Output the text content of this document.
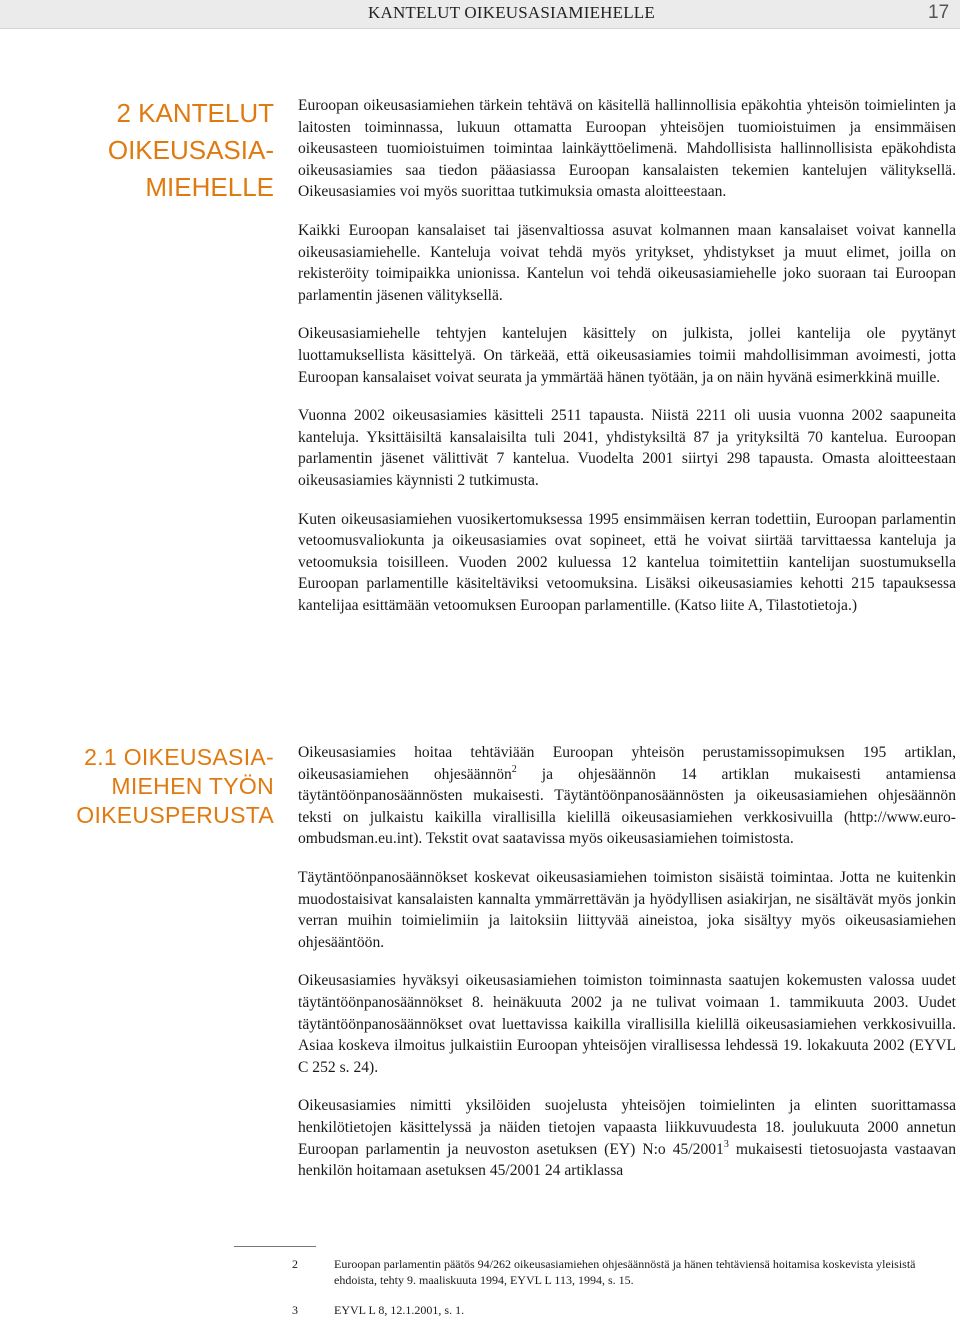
KANTELUT OIKEUSASIAMIEHELLE	17
2 KANTELUT
OIKEUSASIA-
MIEHELLE

Euroopan oikeusasiamiehen tärkein tehtävä on käsitellä hallinnollisia epäkohtia yhteisön toimielinten ja laitosten toiminnassa, lukuun ottamatta Euroopan yhteisöjen tuomioistuimen ja ensimmäisen oikeusasteen tuomioistuimen toimintaa lainkäyttöelimenä. Mahdollisista hallinnollisista epäkohdista oikeusasiamies saa tiedon pääasiassa Euroopan kansalaisten tekemien kantelujen välityksellä. Oikeusasiamies voi myös suorittaa tutkimuksia omasta aloitteestaan.

Kaikki Euroopan kansalaiset tai jäsenvaltiossa asuvat kolmannen maan kansalaiset voivat kannella oikeusasiamiehelle. Kanteluja voivat tehdä myös yritykset, yhdistykset ja muut elimet, joilla on rekisteröity toimipaikka unionissa. Kantelun voi tehdä oikeusasiamiehelle joko suoraan tai Euroopan parlamentin jäsenen välityksellä.

Oikeusasiamiehelle tehtyjen kantelujen käsittely on julkista, jollei kantelija ole pyytänyt luottamuksellista käsittelyä. On tärkeää, että oikeusasiamies toimii mahdollisimman avoimesti, jotta Euroopan kansalaiset voivat seurata ja ymmärtää hänen työtään, ja on näin hyvänä esimerkkinä muille.

Vuonna 2002 oikeusasiamies käsitteli 2511 tapausta. Niistä 2211 oli uusia vuonna 2002 saapuneita kanteluja. Yksittäisiltä kansalaisilta tuli 2041, yhdistyksiltä 87 ja yrityksiltä 70 kantelua. Euroopan parlamentin jäsenet välittivät 7 kantelua. Vuodelta 2001 siirtyi 298 tapausta. Omasta aloitteestaan oikeusasiamies käynnisti 2 tutkimusta.

Kuten oikeusasiamiehen vuosikertomuksessa 1995 ensimmäisen kerran todettiin, Euroopan parlamentin vetoomusvaliokunta ja oikeusasiamies ovat sopineet, että he voivat siirtää tarvittaessa kanteluja ja vetoomuksia toisilleen. Vuoden 2002 kuluessa 12 kantelua toimitettiin kantelijan suostumuksella Euroopan parlamentille käsiteltäviksi vetoomuksina. Lisäksi oikeusasiamies kehotti 215 tapauksessa kantelijaa esittämään vetoomuksen Euroopan parlamentille. (Katso liite A, Tilastotietoja.)

2.1 OIKEUSASIA-
MIEHEN TYÖN
OIKEUSPERUSTA

Oikeusasiamies hoitaa tehtäviään Euroopan yhteisön perustamissopimuksen 195 artiklan, oikeusasiamiehen ohjesäännön$^2$ ja ohjesäännön 14 artiklan mukaisesti antamiensa täytäntöönpanosäännösten mukaisesti. Täytäntöönpanosäännösten ja oikeusasiamiehen ohjesäännön teksti on julkaistu kaikilla virallisilla kielillä oikeusasiamiehen verkkosivuilla (http://www.euro-ombudsman.eu.int). Tekstit ovat saatavissa myös oikeusasiamiehen toimistosta.

Täytäntöönpanosäännökset koskevat oikeusasiamiehen toimiston sisäistä toimintaa. Jotta ne kuitenkin muodostaisivat kansalaisten kannalta ymmärrettävän ja hyödyllisen asiakirjan, ne sisältävät myös jonkin verran muihin toimielimiin ja laitoksiin liittyvää aineistoa, joka sisältyy myös oikeusasiamiehen ohjesääntöön.

Oikeusasiamies hyväksyi oikeusasiamiehen toimiston toiminnasta saatujen kokemusten valossa uudet täytäntöönpanosäännökset 8. heinäkuuta 2002 ja ne tulivat voimaan 1. tammikuuta 2003. Uudet täytäntöönpanosäännökset ovat luettavissa kaikilla virallisilla kielillä oikeusasiamiehen verkkosivuilla. Asiaa koskeva ilmoitus julkaistiin Euroopan yhteisöjen virallisessa lehdessä 19. lokakuuta 2002 (EYVL C 252 s. 24).

Oikeusasiamies nimitti yksilöiden suojelusta yhteisöjen toimielinten ja elinten suorittamassa henkilötietojen käsittelyssä ja näiden tietojen vapaasta liikkuvuudesta 18. joulukuuta 2000 annetun Euroopan parlamentin ja neuvoston asetuksen (EY) N:o 45/2001$^3$ mukaisesti tietosuojasta vastaavan henkilön hoitamaan asetuksen 45/2001 24 artiklassa

2	Euroopan parlamentin päätös 94/262 oikeusasiamiehen ohjesäännöstä ja hänen tehtäviensä hoitamisa koskevista yleisistä ehdoista, tehty 9. maaliskuuta 1994, EYVL L 113, 1994, s. 15.
3	EYVL L 8, 12.1.2001, s. 1.
